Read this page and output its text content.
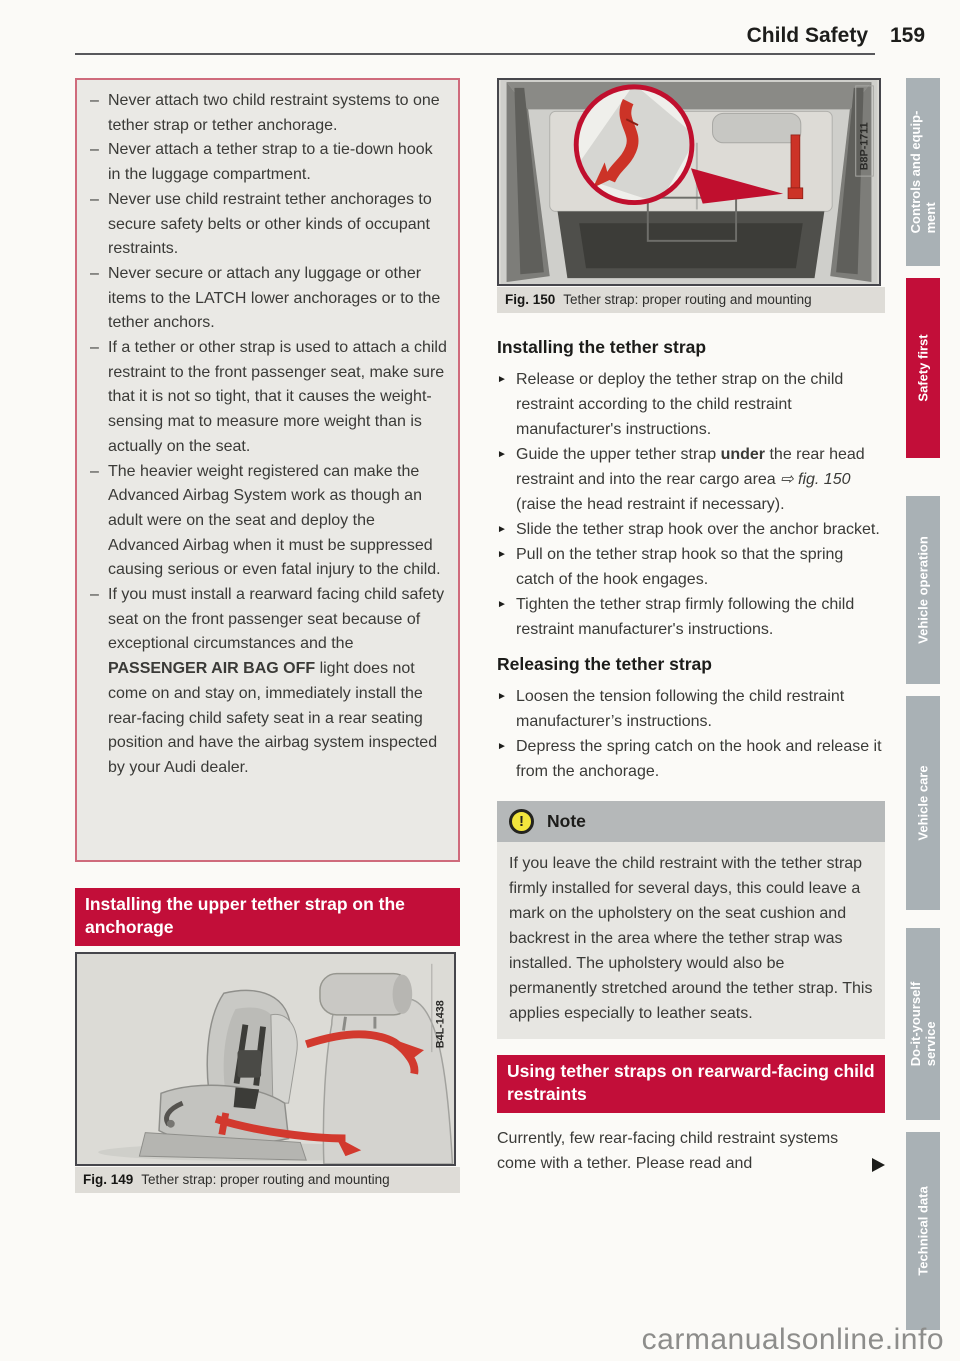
Child Safety 159
– Never attach two child restraint systems to one tether strap or tether anchorage.
– Never attach a tether strap to a tie-down hook in the luggage compartment.
– Never use child restraint tether anchorages to secure safety belts or other kinds of occupant restraints.
– Never secure or attach any luggage or other items to the LATCH lower anchorages or to the tether anchors.
– If a tether or other strap is used to attach a child restraint to the front passenger seat, make sure that it is not so tight, that it causes the weight-sensing mat to measure more weight than is actually on the seat.
– The heavier weight registered can make the Advanced Airbag System work as though an adult were on the seat and deploy the Advanced Airbag when it must be suppressed causing serious or even fatal injury to the child.
– If you must install a rearward facing child safety seat on the front passenger seat because of exceptional circumstances and the PASSENGER AIR BAG OFF light does not come on and stay on, immediately install the rear-facing child safety seat in a rear seating position and have the airbag system inspected by your Audi dealer.
Installing the upper tether strap on the anchorage
B4L-1438
Fig. 149 Tether strap: proper routing and mounting
B8P-1711
Fig. 150 Tether strap: proper routing and mounting
Installing the tether strap
► Release or deploy the tether strap on the child restraint according to the child restraint manufacturer's instructions.
► Guide the upper tether strap under the rear head restraint and into the rear cargo area ⇨ fig. 150 (raise the head restraint if necessary).
► Slide the tether strap hook over the anchor bracket.
► Pull on the tether strap hook so that the spring catch of the hook engages.
► Tighten the tether strap firmly following the child restraint manufacturer's instructions.
Releasing the tether strap
► Loosen the tension following the child restraint manufacturer’s instructions.
► Depress the spring catch on the hook and release it from the anchorage.
!	Note
If you leave the child restraint with the tether strap firmly installed for several days, this could leave a mark on the upholstery on the seat cushion and backrest in the area where the tether strap was installed. The upholstery would also be permanently stretched around the tether strap. This applies especially to leather seats.
Using tether straps on rearward-facing child restraints
Currently, few rear-facing child restraint systems come with a tether. Please read and
Controls and equip- ment
Safety first
Vehicle operation
Vehicle care
Do-it-yourself service
Technical data
carmanualsonline.info
